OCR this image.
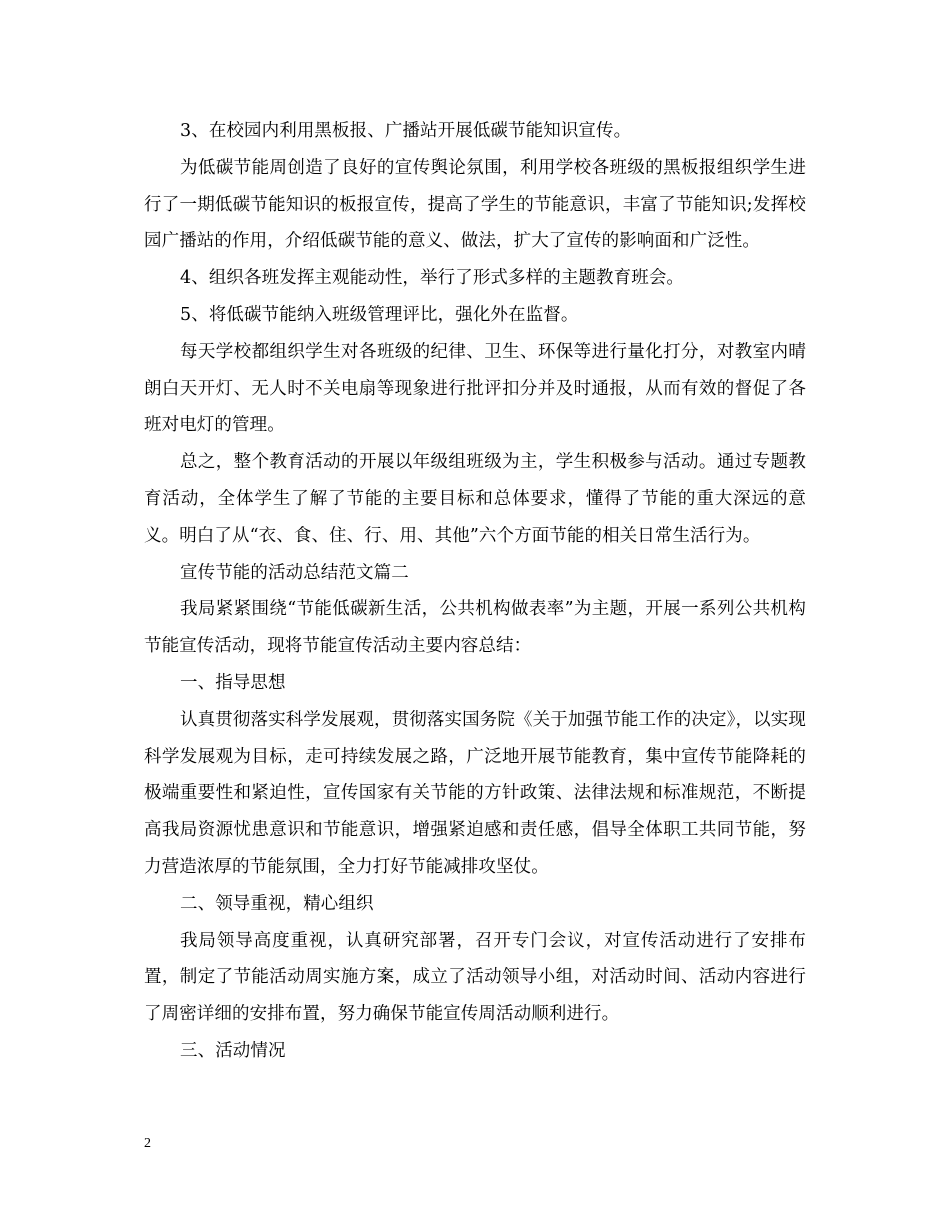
3、在校园内利用黑板报、广播站开展低碳节能知识宣传。

为低碳节能周创造了良好的宣传舆论氛围，利用学校各班级的黑板报组织学生进行了一期低碳节能知识的板报宣传，提高了学生的节能意识，丰富了节能知识;发挥校园广播站的作用，介绍低碳节能的意义、做法，扩大了宣传的影响面和广泛性。

4、组织各班发挥主观能动性，举行了形式多样的主题教育班会。

5、将低碳节能纳入班级管理评比，强化外在监督。

每天学校都组织学生对各班级的纪律、卫生、环保等进行量化打分，对教室内晴朗白天开灯、无人时不关电扇等现象进行批评扣分并及时通报，从而有效的督促了各班对电灯的管理。

总之，整个教育活动的开展以年级组班级为主，学生积极参与活动。通过专题教育活动，全体学生了解了节能的主要目标和总体要求，懂得了节能的重大深远的意义。明白了从“衣、食、住、行、用、其他”六个方面节能的相关日常生活行为。

宣传节能的活动总结范文篇二

我局紧紧围绕“节能低碳新生活，公共机构做表率”为主题，开展一系列公共机构节能宣传活动，现将节能宣传活动主要内容总结：

一、指导思想

认真贯彻落实科学发展观，贯彻落实国务院《关于加强节能工作的决定》，以实现科学发展观为目标，走可持续发展之路，广泛地开展节能教育，集中宣传节能降耗的极端重要性和紧迫性，宣传国家有关节能的方针政策、法律法规和标准规范，不断提高我局资源忧患意识和节能意识，增强紧迫感和责任感，倡导全体职工共同节能，努力营造浓厚的节能氛围，全力打好节能减排攻坚仗。

二、领导重视，精心组织

我局领导高度重视，认真研究部署，召开专门会议，对宣传活动进行了安排布置，制定了节能活动周实施方案，成立了活动领导小组，对活动时间、活动内容进行了周密详细的安排布置，努力确保节能宣传周活动顺利进行。

三、活动情况

2
